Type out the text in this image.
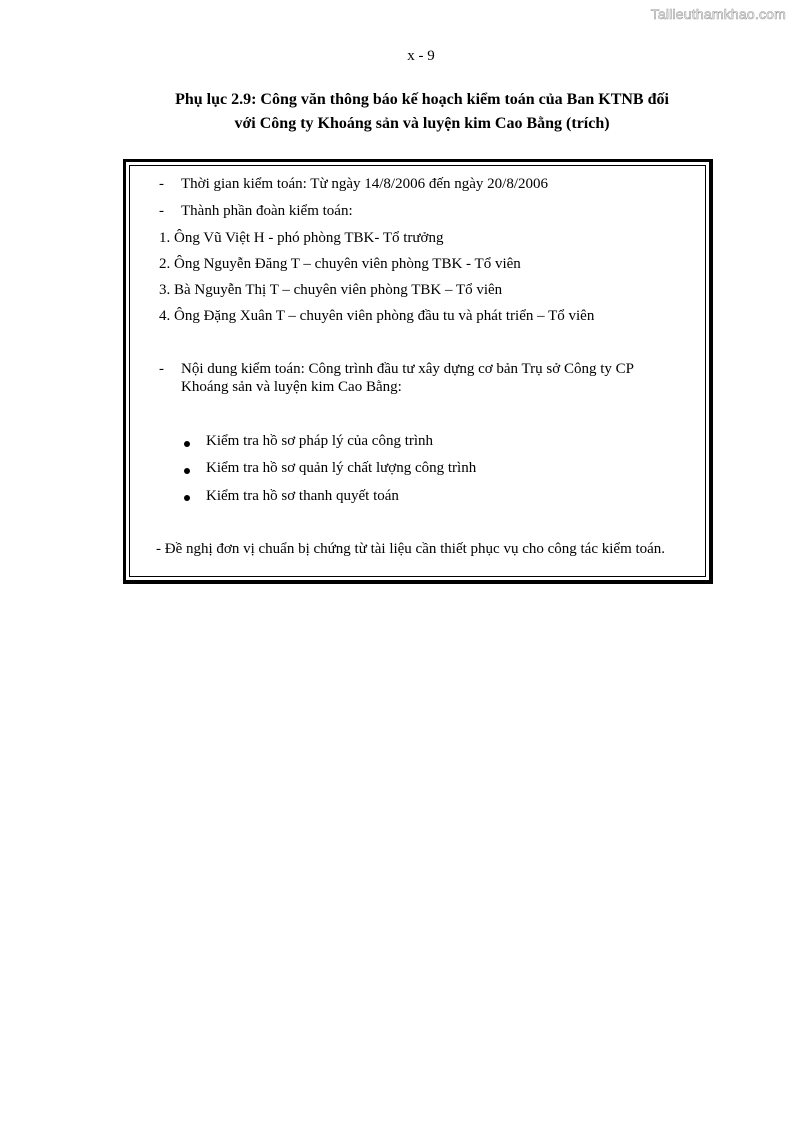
Tailieuthamkhao.com
x - 9
Phụ lục 2.9: Công văn thông báo kế hoạch kiểm toán của Ban KTNB đối
với Công ty Khoáng sản và luyện kim Cao Bằng (trích)
-	Thời gian kiểm toán: Từ ngày 14/8/2006 đến ngày 20/8/2006
-	Thành phần đoàn kiểm toán:
1. Ông Vũ Việt H - phó phòng TBK- Tổ trưởng
2. Ông Nguyễn Đăng T – chuyên viên phòng TBK - Tổ viên
3. Bà Nguyễn Thị T – chuyên viên phòng TBK – Tổ viên
4. Ông Đặng Xuân T – chuyên viên phòng đầu tu và phát triển – Tổ viên
-	Nội dung kiểm toán: Công trình đầu tư xây dựng cơ bản Trụ sở Công ty CP
Khoáng sản và luyện kim Cao Bằng:
Kiểm tra hồ sơ pháp lý của công trình
Kiểm tra hồ sơ quản lý chất lượng công trình
Kiểm tra hồ sơ thanh quyết toán
- Đề nghị đơn vị chuẩn bị chứng từ tài liệu cần thiết phục vụ cho công tác kiểm toán.
